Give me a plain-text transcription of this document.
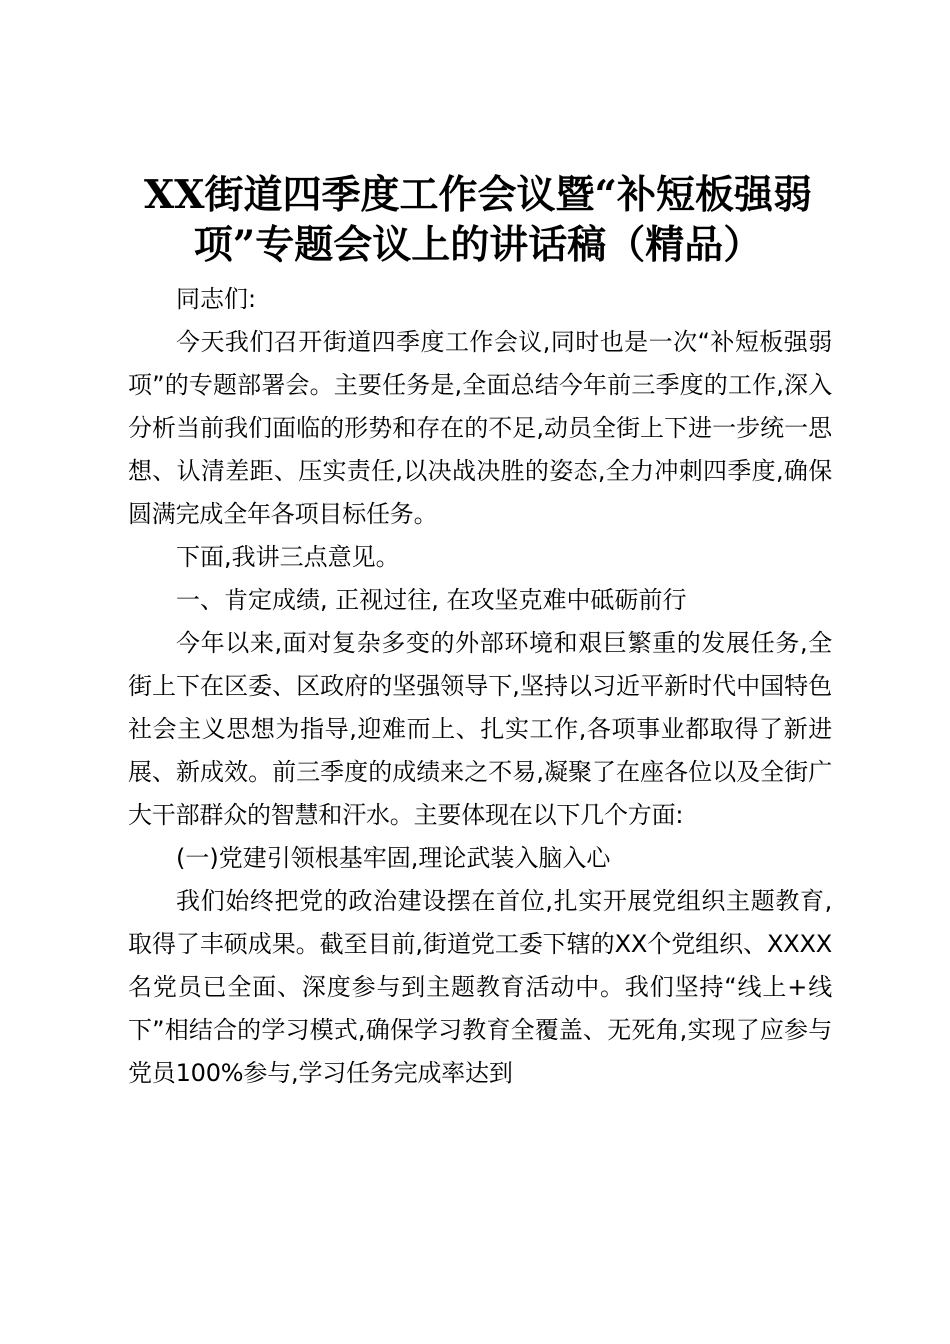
XX街道四季度工作会议暨“补短板强弱项”专题会议上的讲话稿（精品）

同志们:

今天我们召开街道四季度工作会议,同时也是一次“补短板强弱项”的专题部署会。主要任务是,全面总结今年前三季度的工作,深入分析当前我们面临的形势和存在的不足,动员全街上下进一步统一思想、认清差距、压实责任,以决战决胜的姿态,全力冲刺四季度,确保圆满完成全年各项目标任务。

下面,我讲三点意见。

一、肯定成绩, 正视过往, 在攻坚克难中砥砺前行

今年以来,面对复杂多变的外部环境和艰巨繁重的发展任务,全街上下在区委、区政府的坚强领导下,坚持以习近平新时代中国特色社会主义思想为指导,迎难而上、扎实工作,各项事业都取得了新进展、新成效。前三季度的成绩来之不易,凝聚了在座各位以及全街广大干部群众的智慧和汗水。主要体现在以下几个方面:

(一)党建引领根基牢固,理论武装入脑入心

我们始终把党的政治建设摆在首位,扎实开展党组织主题教育,取得了丰硕成果。截至目前,街道党工委下辖的XX个党组织、XXXX名党员已全面、深度参与到主题教育活动中。我们坚持“线上+线下”相结合的学习模式,确保学习教育全覆盖、无死角,实现了应参与党员100%参与,学习任务完成率达到
